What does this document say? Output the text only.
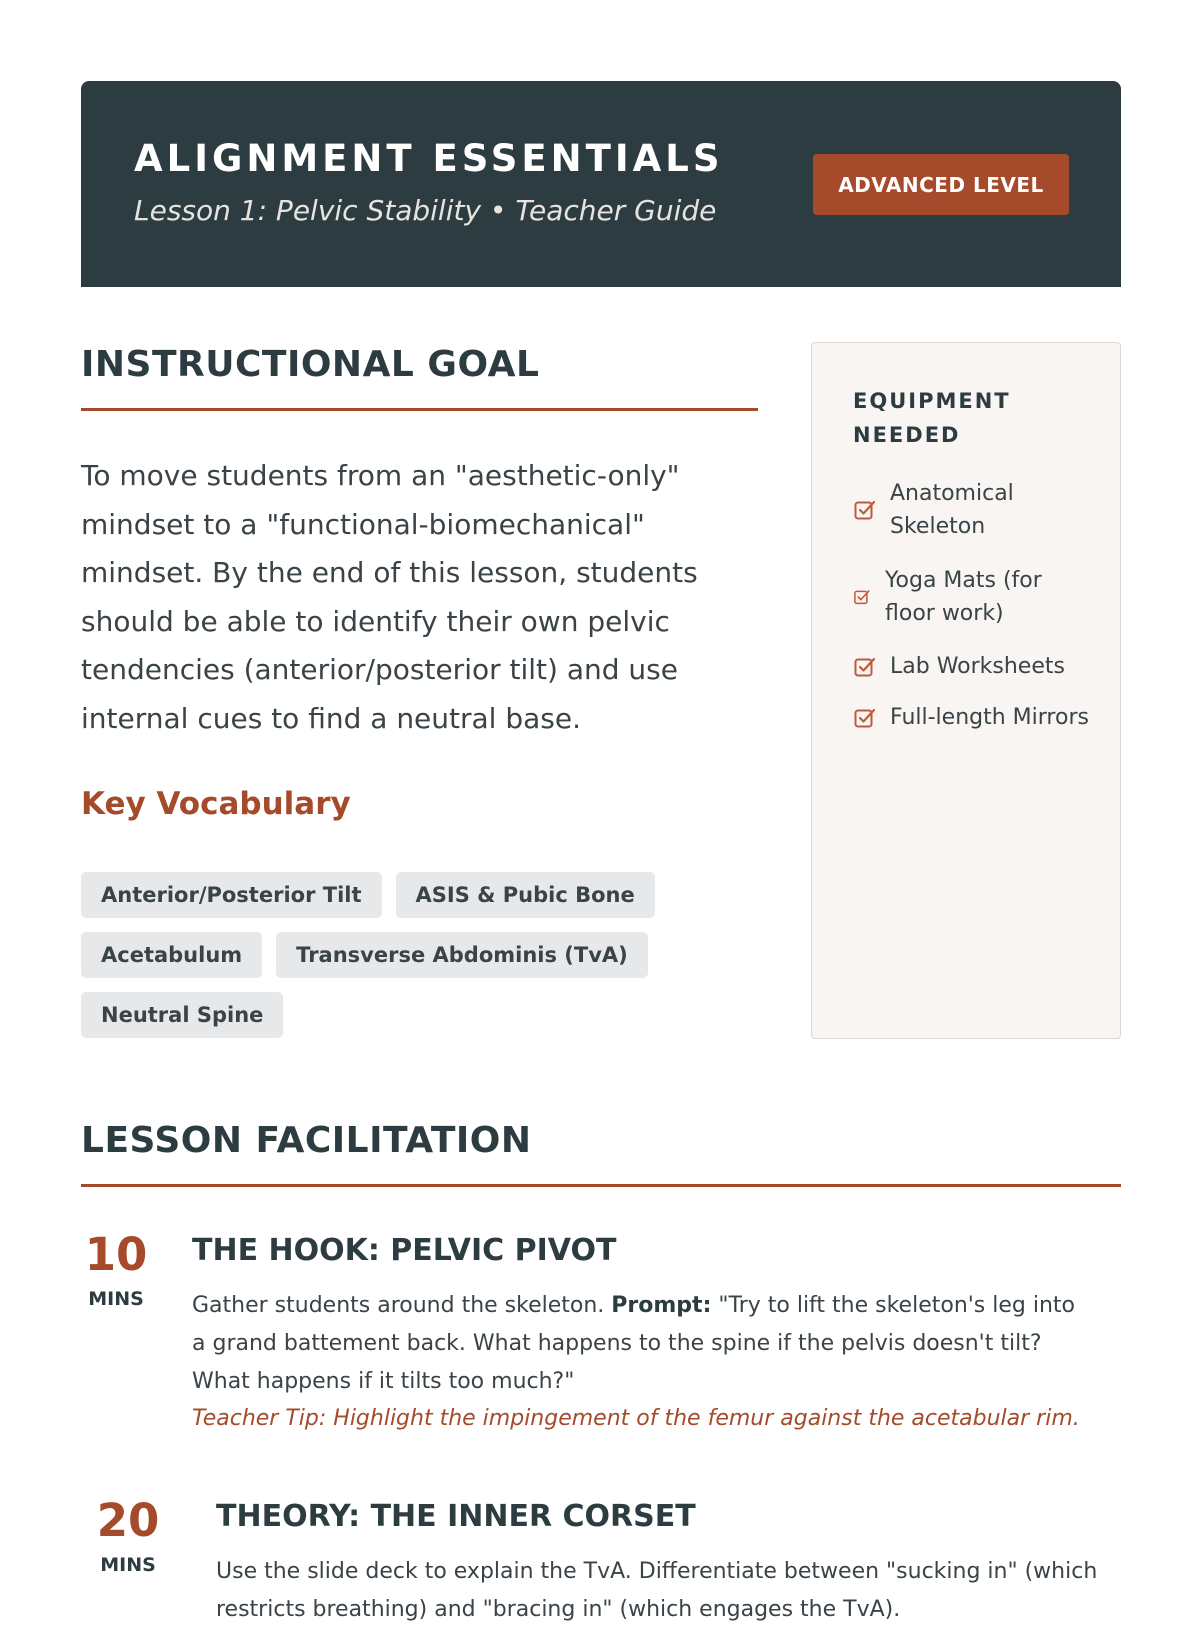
ALIGNMENT ESSENTIALS
Lesson 1: Pelvic Stability • Teacher Guide
ADVANCED LEVEL
INSTRUCTIONAL GOAL
To move students from an "aesthetic-only" mindset to a "functional-biomechanical" mindset. By the end of this lesson, students should be able to identify their own pelvic tendencies (anterior/posterior tilt) and use internal cues to find a neutral base.
Key Vocabulary
Anterior/Posterior Tilt	ASIS & Pubic Bone
Acetabulum	Transverse Abdominis (TvA)
Neutral Spine
EQUIPMENT NEEDED
Anatomical Skeleton
Yoga Mats (for floor work)
Lab Worksheets
Full-length Mirrors
LESSON FACILITATION
10
MINS
THE HOOK: PELVIC PIVOT
Gather students around the skeleton. Prompt: "Try to lift the skeleton's leg into a grand battement back. What happens to the spine if the pelvis doesn't tilt? What happens if it tilts too much?"
Teacher Tip: Highlight the impingement of the femur against the acetabular rim.
20
MINS
THEORY: THE INNER CORSET
Use the slide deck to explain the TvA. Differentiate between "sucking in" (which restricts breathing) and "bracing in" (which engages the TvA).
